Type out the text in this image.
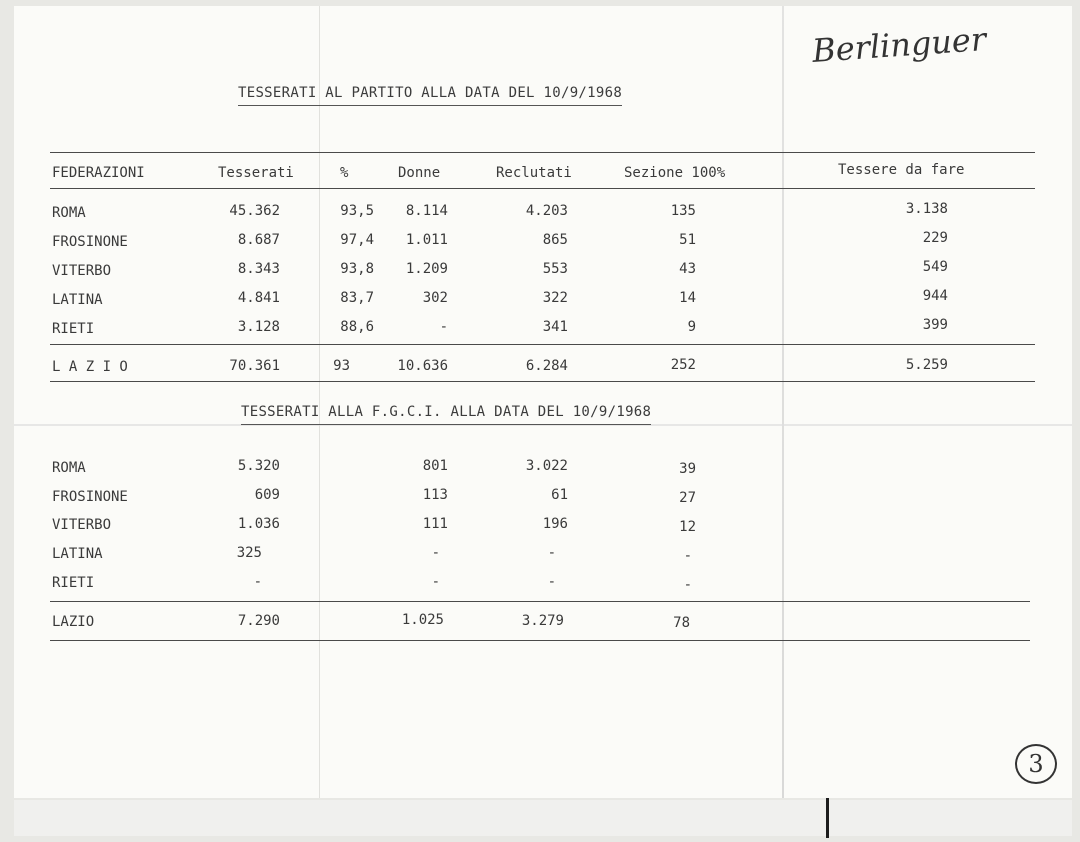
Berlinguer
TESSERATI AL PARTITO ALLA DATA DEL 10/9/1968
FEDERAZIONI	Tesserati	%	Donne	Reclutati	Sezione 100%	Tessere da fare
ROMA	45.362	93,5	8.114	4.203	135	3.138
FROSINONE	8.687	97,4	1.011	865	51	229
VITERBO	8.343	93,8	1.209	553	43	549
LATINA	4.841	83,7	302	322	14	944
RIETI	3.128	88,6	-	341	9	399
L A Z I O	70.361	93	10.636	6.284	252	5.259
TESSERATI ALLA F.G.C.I. ALLA DATA DEL 10/9/1968
ROMA	5.320	801	3.022	39
FROSINONE	609	113	61	27
VITERBO	1.036	111	196	12
LATINA	325	-	-	-
RIETI	-	-	-	-
LAZIO	7.290	1.025	3.279	78
3
